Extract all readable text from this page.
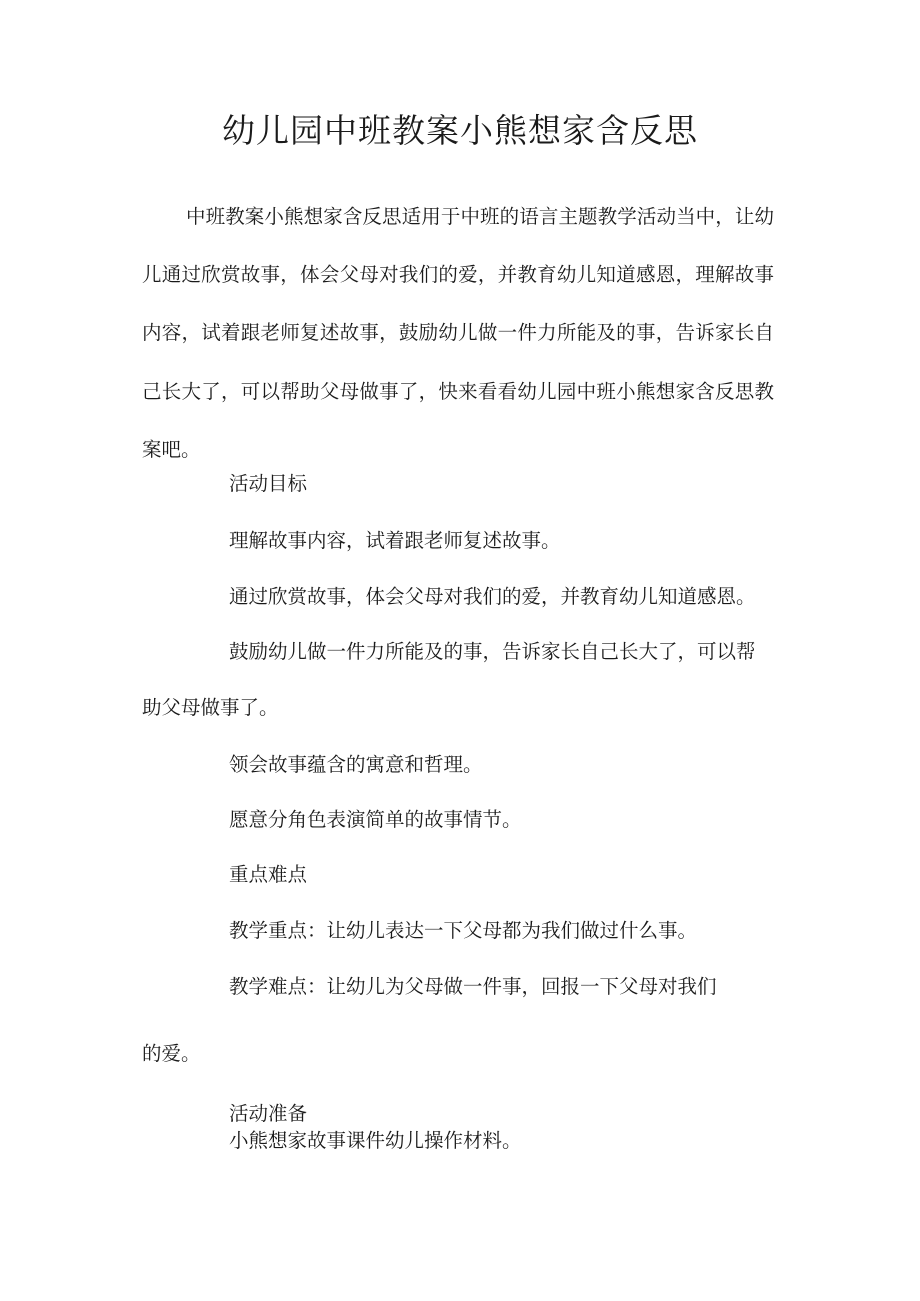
幼儿园中班教案小熊想家含反思
中班教案小熊想家含反思适用于中班的语言主题教学活动当中，让幼儿通过欣赏故事，体会父母对我们的爱，并教育幼儿知道感恩，理解故事内容，试着跟老师复述故事，鼓励幼儿做一件力所能及的事，告诉家长自己长大了，可以帮助父母做事了，快来看看幼儿园中班小熊想家含反思教案吧。
活动目标
理解故事内容，试着跟老师复述故事。
通过欣赏故事，体会父母对我们的爱，并教育幼儿知道感恩。
鼓励幼儿做一件力所能及的事，告诉家长自己长大了，可以帮
助父母做事了。
领会故事蕴含的寓意和哲理。
愿意分角色表演简单的故事情节。
重点难点
教学重点：让幼儿表达一下父母都为我们做过什么事。
教学难点：让幼儿为父母做一件事，回报一下父母对我们
的爱。
活动准备
小熊想家故事课件幼儿操作材料。
